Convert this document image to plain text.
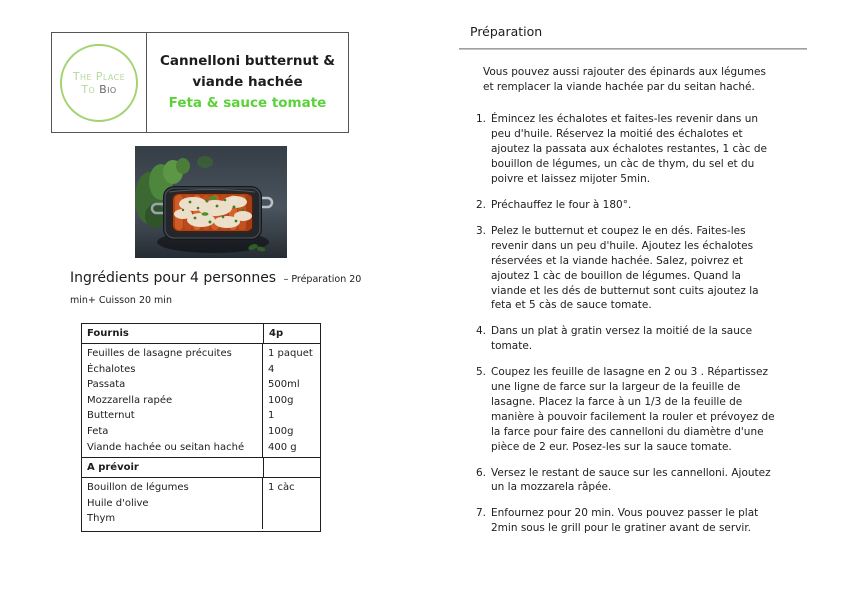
The Place
To Bio
Cannelloni butternut &
viande hachée
Feta & sauce tomate
Ingrédients pour 4 personnes – Préparation 20 min+ Cuisson 20 min
Fournis	4p
Feuilles de lasagne précuites
Échalotes
Passata
Mozzarella rapée
Butternut
Feta
Viande hachée ou seitan haché
1 paquet
4
500ml
100g
1
100g
400 g
A prévoir
Bouillon de légumes
Huile d'olive
Thym
1 càc
Préparation
Vous pouvez aussi rajouter des épinards aux légumes et remplacer la viande hachée par du seitan haché.
1. Émincez les échalotes et faites-les revenir dans un peu d'huile. Réservez la moitié des échalotes et ajoutez la passata aux échalotes restantes, 1 càc de bouillon de légumes, un càc de thym, du sel et du poivre et laissez mijoter 5min.
2. Préchauffez le four à 180°.
3. Pelez le butternut et coupez le en dés. Faites-les revenir dans un peu d'huile. Ajoutez les échalotes réservées et la viande hachée. Salez, poivrez et ajoutez 1 càc de bouillon de légumes. Quand la viande et les dés de butternut sont cuits ajoutez la feta et 5 càs de sauce tomate.
4. Dans un plat à gratin versez la moitié de la sauce tomate.
5. Coupez les feuille de lasagne en 2 ou 3 . Répartissez une ligne de farce sur la largeur de la feuille de lasagne. Placez la farce à un 1/3 de la feuille de manière à pouvoir facilement la rouler et prévoyez de la farce pour faire des cannelloni du diamètre d'une pièce de 2 eur. Posez-les sur la sauce tomate.
6. Versez le restant de sauce sur les cannelloni. Ajoutez un la mozzarela râpée.
7. Enfournez pour 20 min. Vous pouvez passer le plat 2min sous le grill pour le gratiner avant de servir.
